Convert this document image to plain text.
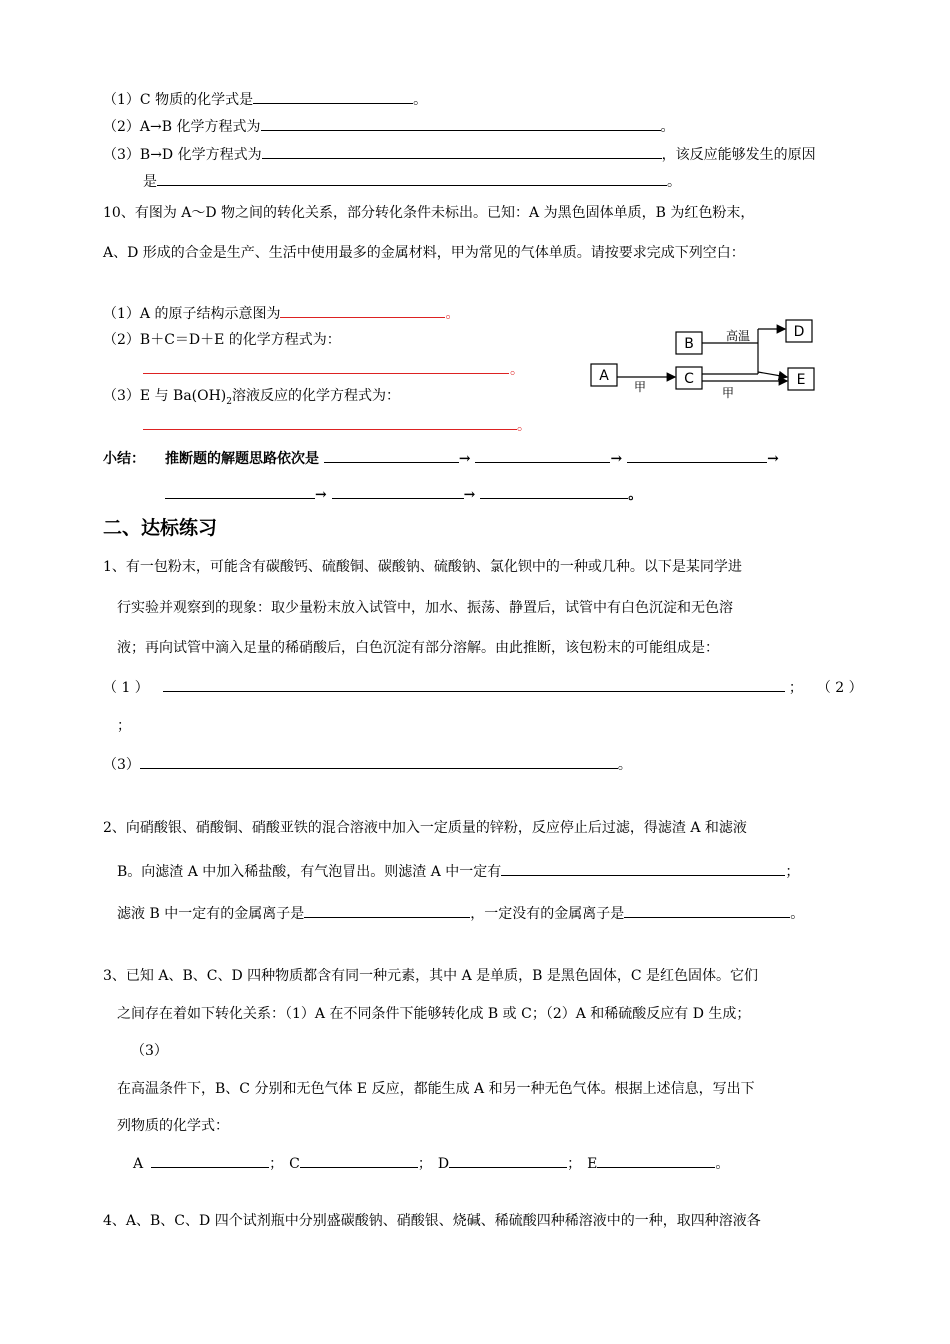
（1）C 物质的化学式是	。
（2）A→B 化学方程式为	。
（3）B→D 化学方程式为	，该反应能够发生的原因
是	。
10、有图为 A～D 物之间的转化关系，部分转化条件未标出。已知：A 为黑色固体单质，B 为红色粉末，
A、D 形成的合金是生产、生活中使用最多的金属材料，甲为常见的气体单质。请按要求完成下列空白：
（1）A 的原子结构示意图为	。
（2）B＋C＝D＋E 的化学方程式为：
。
（3）E 与 $Ba(OH)_2$溶液反应的化学方程式为：
。
A
B
C
D
E
甲
高温
甲
小结： 推断题的解题思路依次是	→	→	→
→	→	。
二、达标练习
1、有一包粉末，可能含有碳酸钙、硫酸铜、碳酸钠、硫酸钠、氯化钡中的一种或几种。以下是某同学进
行实验并观察到的现象：取少量粉末放入试管中，加水、振荡、静置后，试管中有白色沉淀和无色溶
液；再向试管中滴入足量的稀硝酸后，白色沉淀有部分溶解。由此推断，该包粉末的可能组成是：
（ 1 ）	； （ 2 ）
；
（3）	。
2、向硝酸银、硝酸铜、硝酸亚铁的混合溶液中加入一定质量的锌粉，反应停止后过滤，得滤渣 A 和滤液
B。向滤渣 A 中加入稀盐酸，有气泡冒出。则滤渣 A 中一定有	；
滤液 B 中一定有的金属离子是	，一定没有的金属离子是	。
3、已知 A、B、C、D 四种物质都含有同一种元素，其中 A 是单质，B 是黑色固体，C 是红色固体。它们
之间存在着如下转化关系：（1）A 在不同条件下能够转化成 B 或 C；（2）A 和稀硫酸反应有 D 生成；
（3）
在高温条件下，B、C 分别和无色气体 E 反应，都能生成 A 和另一种无色气体。根据上述信息，写出下
列物质的化学式：
A	； C	； D	； E	。
4、A、B、C、D 四个试剂瓶中分别盛碳酸钠、硝酸银、烧碱、稀硫酸四种稀溶液中的一种，取四种溶液各
